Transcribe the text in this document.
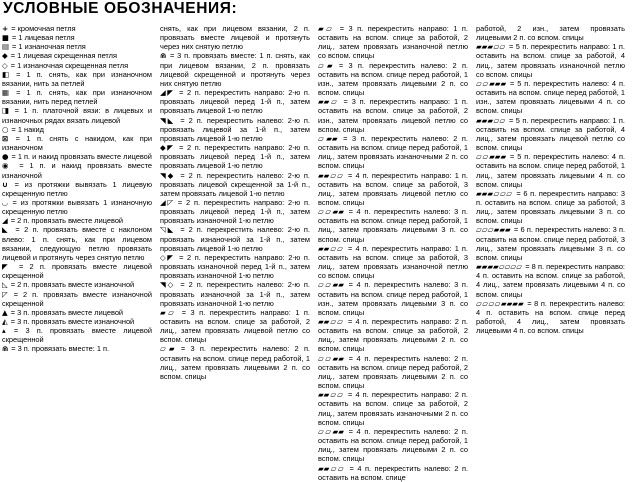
УСЛОВНЫЕ ОБОЗНАЧЕНИЯ:

+ = кромочная петля

■ = 1 лицевая петля

▤ = 1 изнаночная петля

◆ = 1 лицевая скрещенная петля

◇ = 1 изнаночная скрещенная петля

◧ = 1 п. снять, как при изнаночном вязании, нить за петлей

▦ = 1 п. снять, как при изнаночном вязании, нить перед петлей

◨ = 1 п. платочной вязи: в лицевых и изнаночных рядах вязать лицевой

○ = 1 накид

⊠ = 1 п. снять с накидом, как при изнаночном

● = 1 п. и накид провязать вместе лицевой

◉ = 1 п. и накид провязать вместе изнаночной

∪ = из протяжки вывязать 1 лицевую скрещенную петлю

◡ = из протяжки вывязать 1 изнаночную скрещенную петлю

◢ = 2 п. провязать вместе лицевой

◣ = 2 п. провязать вместе с наклоном влево: 1 п. снять, как при лицевом вязании, следующую петлю провязать лицевой и протянуть через снятую петлю

◤ = 2 п. провязать вместе лицевой скрещенной

◺ = 2 п. провязать вместе изнаночной

◸ = 2 п. провязать вместе изнаночной скрещенной

▲ = 3 п. провязать вместе лицевой

◭ = 3 п. провязать вместе изнаночной

▴ = 3 п. провязать вместе лицевой скрещенной

⋒ = 3 п. провязать вместе: 1 п.

снять, как при лицевом вязании, 2 п. провязать вместе лицевой и протянуть через них снятую петлю

⋒ = 3 п. провязать вместе: 1 п. снять, как при лицевом вязании, 2 п. провязать лицевой скрещенной и протянуть через них снятую петлю

◢◤ = 2 п. перекрестить направо: 2-ю п. провязать лицевой перед 1-й п., затем провязать лицевой 1-ю петлю

◥◣ = 2 п. перекрестить налево: 2-ю п. провязать лицевой за 1-й п., затем провязать лицевой 1-ю петлю

◆◤ = 2 п. перекрестить направо: 2-ю п. провязать лицевой перед 1-й п., затем провязать лицевой 1-ю петлю

◥◆ = 2 п. перекрестить налево: 2-ю п. провязать лицевой скрещенной за 1-й п., затем провязать лицевой 1-ю петлю

◢◸ = 2 п. перекрестить направо: 2-ю п. провязать лицевой перед 1-й п., затем провязать изнаночной 1-ю петлю

◹◣ = 2 п. перекрестить налево: 2-ю п. провязать изнаночной за 1-й п., затем провязать лицевой 1-ю петлю

◇◤ = 2 п. перекрестить направо: 2-ю п. провязать изнаночной перед 1-й п., затем провязать изнаночной 1-ю петлю

◥◇ = 2 п. перекрестить налево: 2-ю п. провязать изнаночной за 1-й п., затем провязать изнаночной 1-ю петлю

▰▱ = 3 п. перекрестить направо: 1 п. оставить на вспом. спице за работой, 2 лиц., затем провязать лицевой петлю со вспом. спицы

▱▰ = 3 п. перекрестить налево: 2 п. оставить на вспом. спице перед работой, 1 лиц., затем провязать лицевыми 2 п. со вспом. спицы

▰▱ = 3 п. перекрестить направо: 1 п. оставить на вспом. спице за работой, 2 лиц., затем провязать изнаночной петлю со вспом. спицы

▱▰ = 3 п. перекрестить налево: 2 п. оставить на вспом. спице перед работой, 1 изн., затем провязать лицевыми 2 п. со вспом. спицы

▰▰▱ = 3 п. перекрестить направо: 1 п. оставить на вспом. спице за работой, 2 изн., затем провязать лицевой петлю со вспом. спицы

▱▰▰ = 3 п. перекрестить налево: 2 п. оставить на вспом. спице перед работой, 1 лиц., затем провязать изнаночными 2 п. со вспом. спицы

▰▰▱▱ = 4 п. перекрестить направо: 1 п. оставить на вспом. спице за работой, 3 лиц., затем провязать лицевой петлю со вспом. спицы

▱▱▰▰ = 4 п. перекрестить налево: 3 п. оставить на вспом. спице перед работой, 1 лиц., затем провязать лицевыми 3 п. со вспом. спицы

▰▰▱▱ = 4 п. перекрестить направо: 1 п. оставить на вспом. спице за работой, 3 лиц., затем провязать изнаночной петлю со вспом. спицы

▱▱▰▰ = 4 п. перекрестить налево: 3 п. оставить на вспом. спице перед работой, 1 изн., затем провязать лицевыми 3 п. со вспом. спицы

▰▰▱▱ = 4 п. перекрестить направо: 2 п. оставить на вспом. спице за работой, 2 лиц., затем провязать лицевыми 2 п. со вспом. спицы

▱▱▰▰ = 4 п. перекрестить налево: 2 п. оставить на вспом. спице перед работой, 2 лиц., затем провязать лицевыми 2 п. со вспом. спицы

▰▰▱▱ = 4 п. перекрестить направо: 2 п. оставить на вспом. спице за работой, 2 лиц., затем провязать изнаночными 2 п. со вспом. спицы

▱▱▰▰ = 4 п. перекрестить налево: 2 п. оставить на вспом. спице перед работой, 1 лиц., затем провязать лицевыми 2 п. со вспом. спицы

▰▰▱▱ = 4 п. перекрестить налево: 2 п. оставить на вспом. спице

работой, 2 изн., затем провязать лицевыми 2 п. со вспом. спицы

▰▰▰▱▱ = 5 п. перекрестить направо: 1 п. оставить на вспом. спице за работой, 4 лиц., затем провязать изнаночной петлю со вспом. спицы

▱▱▰▰▰ = 5 п. перекрестить налево: 4 п. оставить на вспом. спице перед работой, 1 изн., затем провязать лицевыми 4 п. со вспом. спицы

▰▰▰▱▱ = 5 п. перекрестить направо: 1 п. оставить на вспом. спице за работой, 4 лиц., затем провязать лицевой петлю со вспом. спицы

▱▱▰▰▰ = 5 п. перекрестить налево: 4 п. оставить на вспом. спице перед работой, 1 лиц., затем провязать лицевыми 4 п. со вспом. спицы

▰▰▰▱▱▱ = 6 п. перекрестить направо: 3 п. оставить на вспом. спице за работой, 3 лиц., затем провязать лицевыми 3 п. со вспом. спицы

▱▱▱▰▰▰ = 6 п. перекрестить налево: 3 п. оставить на вспом. спице перед работой, 3 лиц., затем провязать лицевыми 3 п. со вспом. спицы

▰▰▰▰▱▱▱▱ = 8 п. перекрестить направо: 4 п. оставить на вспом. спице за работой, 4 лиц., затем провязать лицевыми 4 п. со вспом. спицы

▱▱▱▱▰▰▰▰ = 8 п. перекрестить налево: 4 п. оставить на вспом. спице перед работой, 4 лиц., затем провязать лицевыми 4 п. со вспом. спицы
